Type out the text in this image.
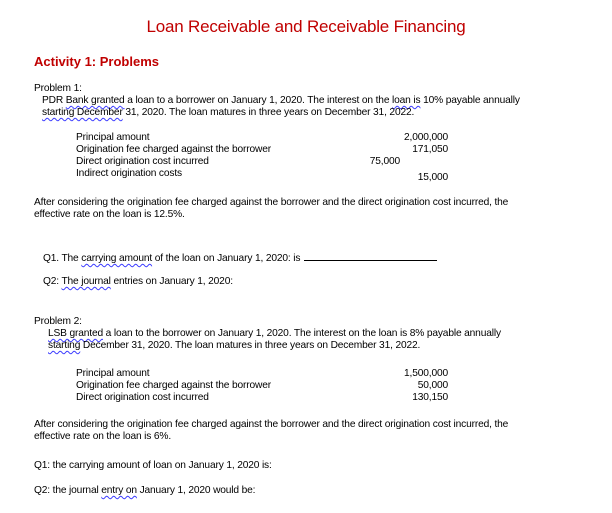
Loan Receivable and Receivable Financing
Activity 1: Problems
Problem 1:
PDR Bank granted a loan to a borrower on January 1, 2020. The interest on the loan is 10% payable annually
starting December 31, 2020. The loan matures in three years on December 31, 2022.
Principal amount	2,000,000
Origination fee charged against the borrower	171,050
Direct origination cost incurred	75,000
Indirect origination costs	15,000
After considering the origination fee charged against the borrower and the direct origination cost incurred, the
effective rate on the loan is 12.5%.
Q1. The carrying amount of the loan on January 1, 2020: is
Q2: The journal entries on January 1, 2020:
Problem 2:
LSB granted a loan to the borrower on January 1, 2020. The interest on the loan is 8% payable annually
starting December 31, 2020. The loan matures in three years on December 31, 2022.
Principal amount	1,500,000
Origination fee charged against the borrower	50,000
Direct origination cost incurred	130,150
After considering the origination fee charged against the borrower and the direct origination cost incurred, the
effective rate on the loan is 6%.
Q1: the carrying amount of loan on January 1, 2020 is:
Q2: the journal entry on January 1, 2020 would be:
